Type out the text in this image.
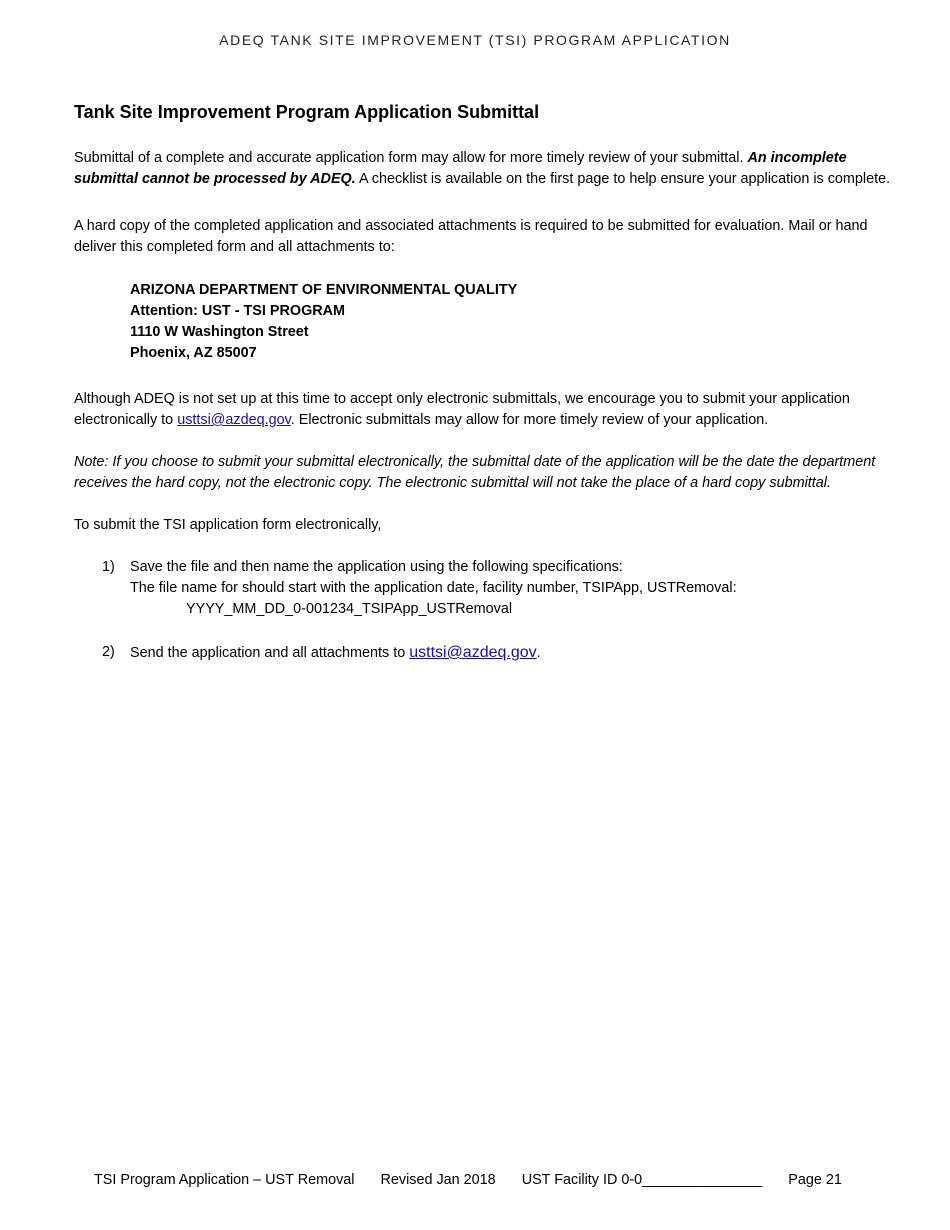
ADEQ TANK SITE IMPROVEMENT (TSI) PROGRAM APPLICATION
Tank Site Improvement Program Application Submittal

Submittal of a complete and accurate application form may allow for more timely review of your submittal. An incomplete submittal cannot be processed by ADEQ. A checklist is available on the first page to help ensure your application is complete.

A hard copy of the completed application and associated attachments is required to be submitted for evaluation. Mail or hand deliver this completed form and all attachments to:

ARIZONA DEPARTMENT OF ENVIRONMENTAL QUALITY
Attention: UST - TSI PROGRAM
1110 W Washington Street
Phoenix, AZ 85007

Although ADEQ is not set up at this time to accept only electronic submittals, we encourage you to submit your application electronically to usttsi@azdeq.gov. Electronic submittals may allow for more timely review of your application.

Note: If you choose to submit your submittal electronically, the submittal date of the application will be the date the department receives the hard copy, not the electronic copy. The electronic submittal will not take the place of a hard copy submittal.

To submit the TSI application form electronically,

1) Save the file and then name the application using the following specifications:
The file name for should start with the application date, facility number, TSIPApp, USTRemoval:
YYYY_MM_DD_0-001234_TSIPApp_USTRemoval
2) Send the application and all attachments to usttsi@azdeq.gov.
TSI Program Application – UST Removal Revised Jan 2018 UST Facility ID 0-0_______________ Page 21
